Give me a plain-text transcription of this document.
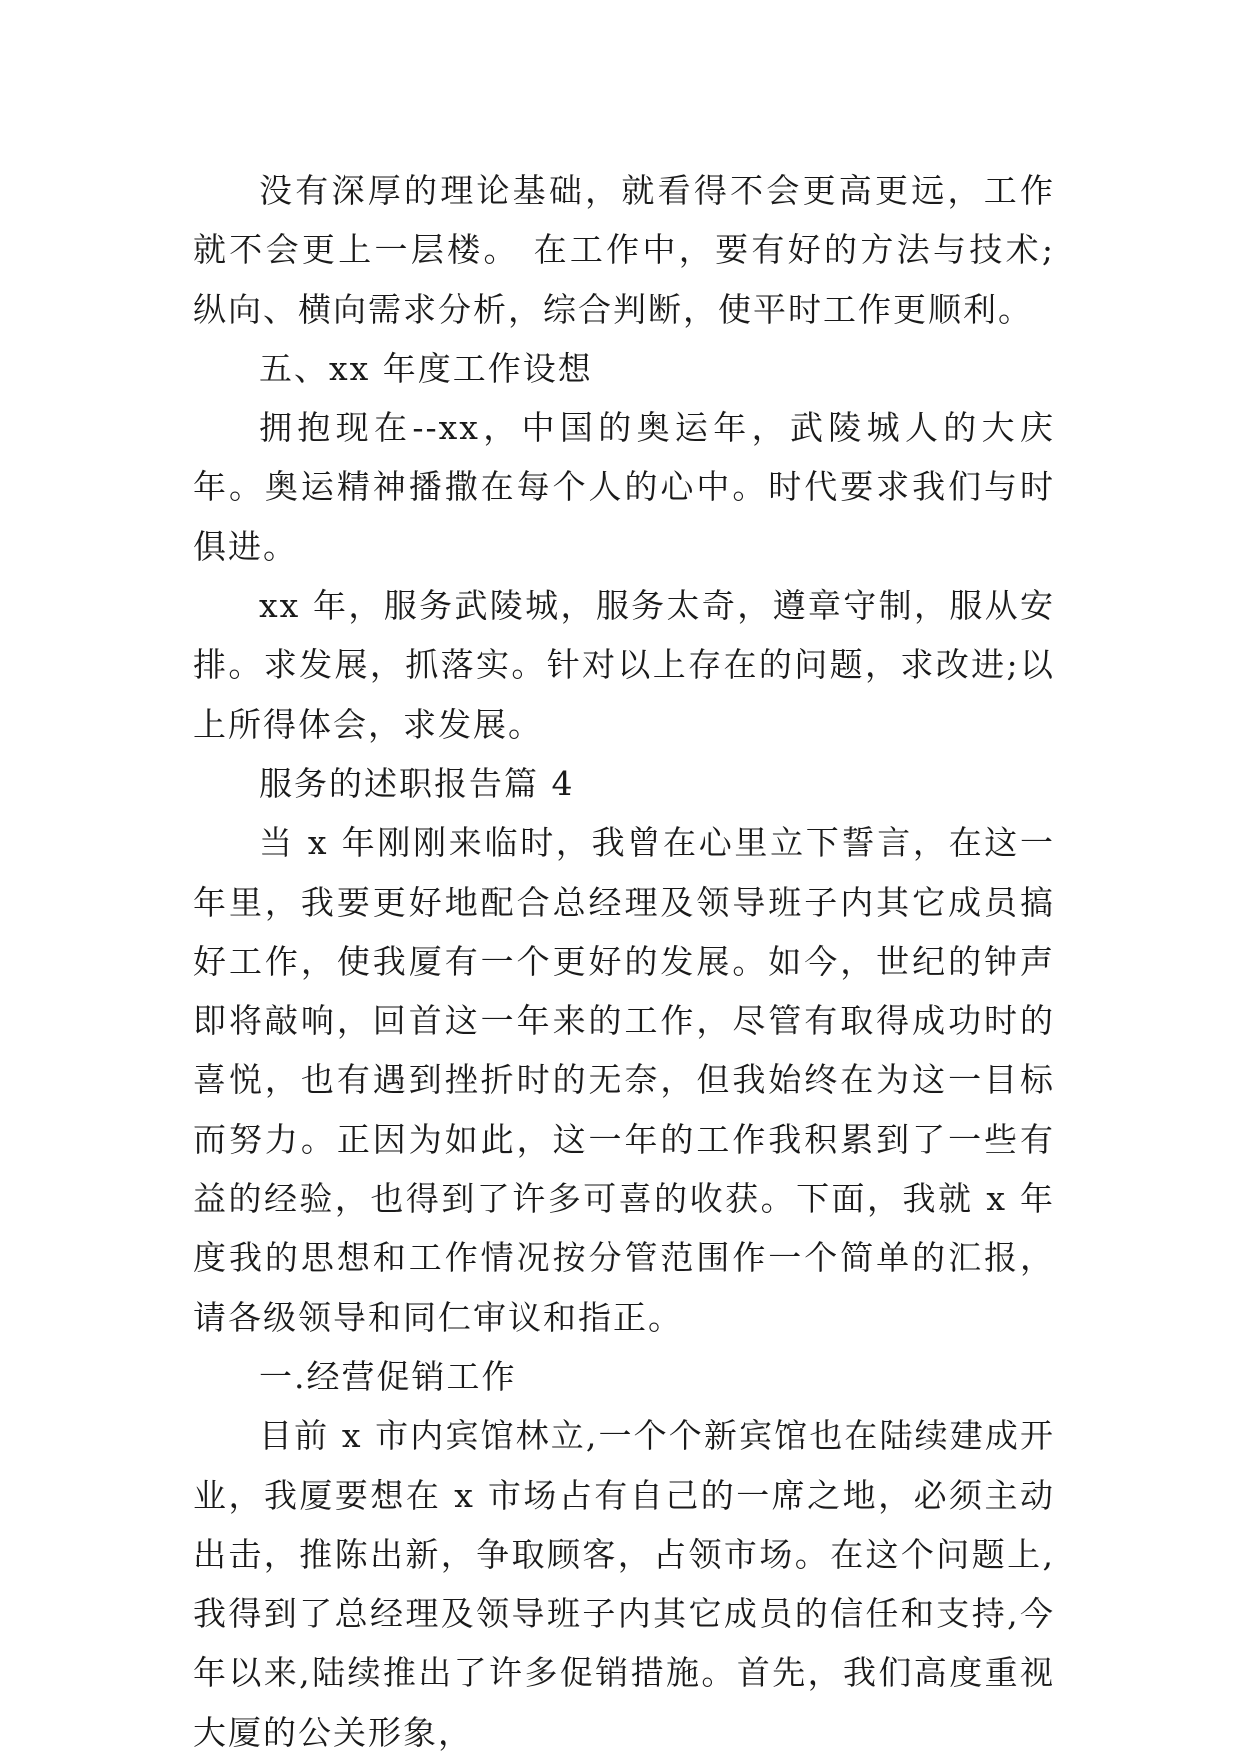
没有深厚的理论基础，就看得不会更高更远，工作就不会更上一层楼。 在工作中，要有好的方法与技术;纵向、横向需求分析，综合判断，使平时工作更顺利。

五、xx 年度工作设想

拥抱现在--xx，中国的奥运年，武陵城人的大庆年。奥运精神播撒在每个人的心中。时代要求我们与时俱进。

xx 年，服务武陵城，服务太奇，遵章守制，服从安排。求发展，抓落实。针对以上存在的问题，求改进;以上所得体会，求发展。

服务的述职报告篇 4

当 x 年刚刚来临时，我曾在心里立下誓言，在这一年里，我要更好地配合总经理及领导班子内其它成员搞好工作，使我厦有一个更好的发展。如今，世纪的钟声即将敲响，回首这一年来的工作，尽管有取得成功时的喜悦，也有遇到挫折时的无奈，但我始终在为这一目标而努力。正因为如此，这一年的工作我积累到了一些有益的经验，也得到了许多可喜的收获。下面，我就 x 年度我的思想和工作情况按分管范围作一个简单的汇报，请各级领导和同仁审议和指正。

一.经营促销工作

目前 x 市内宾馆林立,一个个新宾馆也在陆续建成开业，我厦要想在 x 市场占有自己的一席之地，必须主动出击，推陈出新，争取顾客，占领市场。在这个问题上,我得到了总经理及领导班子内其它成员的信任和支持,今年以来,陆续推出了许多促销措施。首先，我们高度重视大厦的公关形象，
